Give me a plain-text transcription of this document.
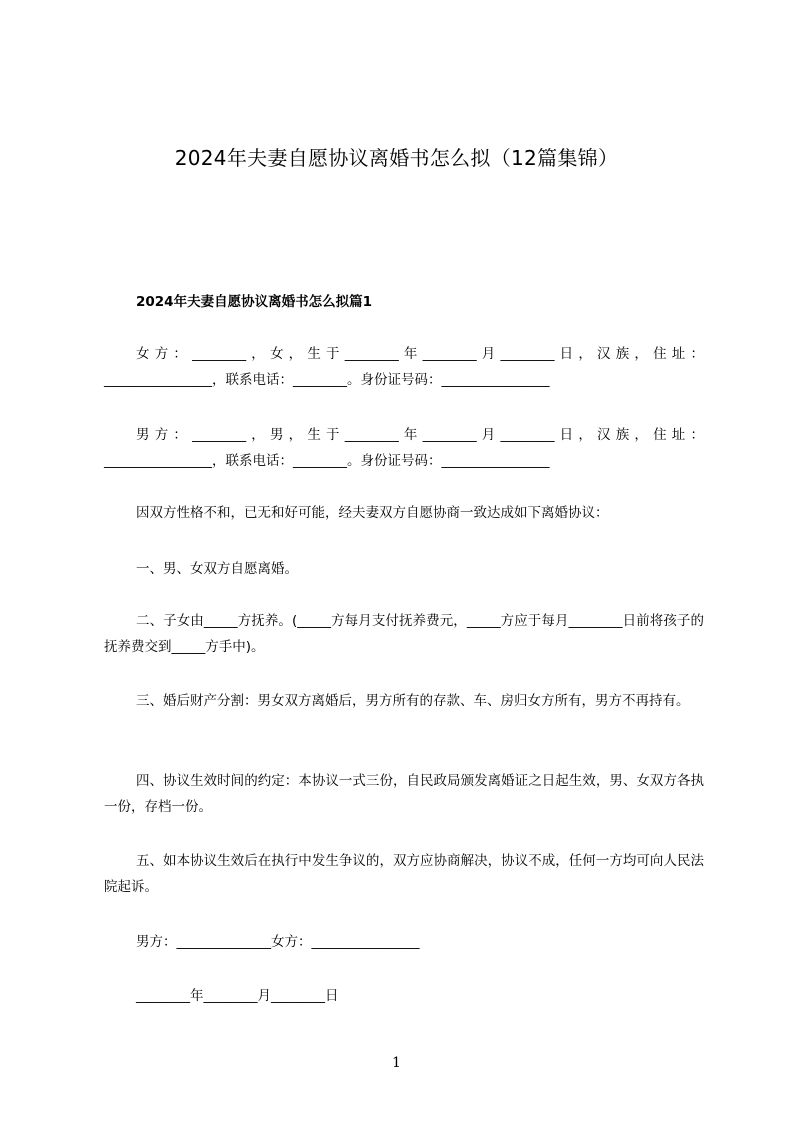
2024年夫妻自愿协议离婚书怎么拟（12篇集锦）
2024年夫妻自愿协议离婚书怎么拟篇1
女方：________，女，生于________年________月________日，汉族，住址：________________，联系电话：________。身份证号码：________________
男方：________，男，生于________年________月________日，汉族，住址：________________，联系电话：________。身份证号码：________________
因双方性格不和，已无和好可能，经夫妻双方自愿协商一致达成如下离婚协议：
一、男、女双方自愿离婚。
二、子女由_____方抚养。(_____方每月支付抚养费元，_____方应于每月________日前将孩子的抚养费交到_____方手中)。
三、婚后财产分割：男女双方离婚后，男方所有的存款、车、房归女方所有，男方不再持有。
四、协议生效时间的约定：本协议一式三份，自民政局颁发离婚证之日起生效，男、女双方各执一份，存档一份。
五、如本协议生效后在执行中发生争议的，双方应协商解决，协议不成，任何一方均可向人民法院起诉。
男方：______________女方：________________
________年________月________日
1
